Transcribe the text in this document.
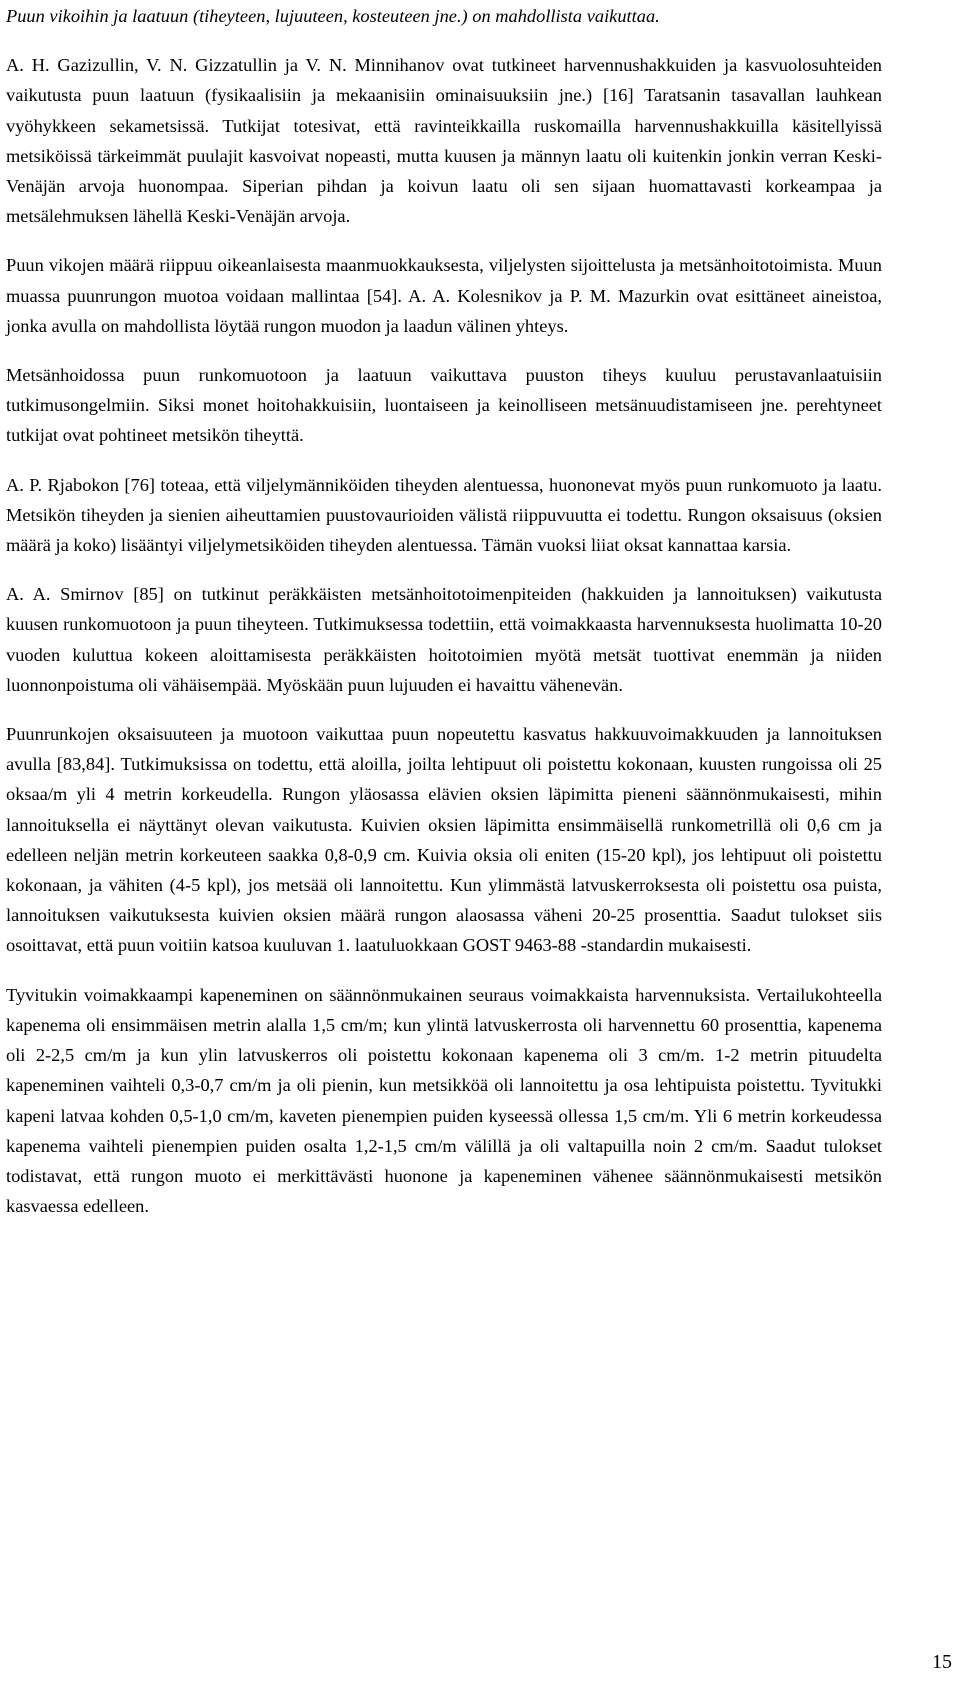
Puun vikoihin ja laatuun (tiheyteen, lujuuteen, kosteuteen jne.) on mahdollista vaikuttaa.

A. H. Gazizullin, V. N. Gizzatullin ja V. N. Minnihanov ovat tutkineet harvennushakkuiden ja kasvuolosuhteiden vaikutusta puun laatuun (fysikaalisiin ja mekaanisiin ominaisuuksiin jne.) [16] Taratsanin tasavallan lauhkean vyöhykkeen sekametsissä. Tutkijat totesivat, että ravinteikkailla ruskomailla harvennushakkuilla käsitellyissä metsiköissä tärkeimmät puulajit kasvoivat nopeasti, mutta kuusen ja männyn laatu oli kuitenkin jonkin verran Keski-Venäjän arvoja huonompaa. Siperian pihdan ja koivun laatu oli sen sijaan huomattavasti korkeampaa ja metsälehmuksen lähellä Keski-Venäjän arvoja.

Puun vikojen määrä riippuu oikeanlaisesta maanmuokkauksesta, viljelysten sijoittelusta ja metsänhoitotoimista. Muun muassa puunrungon muotoa voidaan mallintaa [54]. A. A. Kolesnikov ja P. M. Mazurkin ovat esittäneet aineistoa, jonka avulla on mahdollista löytää rungon muodon ja laadun välinen yhteys.

Metsänhoidossa puun runkomuotoon ja laatuun vaikuttava puuston tiheys kuuluu perustavanlaatuisiin tutkimusongelmiin. Siksi monet hoitohakkuisiin, luontaiseen ja keinolliseen metsänuudistamiseen jne. perehtyneet tutkijat ovat pohtineet metsikön tiheyttä.

A. P. Rjabokon [76] toteaa, että viljelymänniköiden tiheyden alentuessa, huononevat myös puun runkomuoto ja laatu. Metsikön tiheyden ja sienien aiheuttamien puustovaurioiden välistä riippuvuutta ei todettu. Rungon oksaisuus (oksien määrä ja koko) lisääntyi viljelymetsiköiden tiheyden alentuessa. Tämän vuoksi liiat oksat kannattaa karsia.

A. A. Smirnov [85] on tutkinut peräkkäisten metsänhoitotoimenpiteiden (hakkuiden ja lannoituksen) vaikutusta kuusen runkomuotoon ja puun tiheyteen. Tutkimuksessa todettiin, että voimakkaasta harvennuksesta huolimatta 10-20 vuoden kuluttua kokeen aloittamisesta peräkkäisten hoitotoimien myötä metsät tuottivat enemmän ja niiden luonnonpoistuma oli vähäisempää. Myöskään puun lujuuden ei havaittu vähenevän.

Puunrunkojen oksaisuuteen ja muotoon vaikuttaa puun nopeutettu kasvatus hakkuuvoimakkuuden ja lannoituksen avulla [83,84]. Tutkimuksissa on todettu, että aloilla, joilta lehtipuut oli poistettu kokonaan, kuusten rungoissa oli 25 oksaa/m yli 4 metrin korkeudella. Rungon yläosassa elävien oksien läpimitta pieneni säännönmukaisesti, mihin lannoituksella ei näyttänyt olevan vaikutusta. Kuivien oksien läpimitta ensimmäisellä runkometrillä oli 0,6 cm ja edelleen neljän metrin korkeuteen saakka 0,8-0,9 cm. Kuivia oksia oli eniten (15-20 kpl), jos lehtipuut oli poistettu kokonaan, ja vähiten (4-5 kpl), jos metsää oli lannoitettu. Kun ylimmästä latvuskerroksesta oli poistettu osa puista, lannoituksen vaikutuksesta kuivien oksien määrä rungon alaosassa väheni 20-25 prosenttia. Saadut tulokset siis osoittavat, että puun voitiin katsoa kuuluvan 1. laatuluokkaan GOST 9463-88 -standardin mukaisesti.

Tyvitukin voimakkaampi kapeneminen on säännönmukainen seuraus voimakkaista harvennuksista. Vertailukohteella kapenema oli ensimmäisen metrin alalla 1,5 cm/m; kun ylintä latvuskerrosta oli harvennettu 60 prosenttia, kapenema oli 2-2,5 cm/m ja kun ylin latvuskerros oli poistettu kokonaan kapenema oli 3 cm/m. 1-2 metrin pituudelta kapeneminen vaihteli 0,3-0,7 cm/m ja oli pienin, kun metsikköä oli lannoitettu ja osa lehtipuista poistettu. Tyvitukki kapeni latvaa kohden 0,5-1,0 cm/m, kaveten pienempien puiden kyseessä ollessa 1,5 cm/m. Yli 6 metrin korkeudessa kapenema vaihteli pienempien puiden osalta 1,2-1,5 cm/m välillä ja oli valtapuilla noin 2 cm/m. Saadut tulokset todistavat, että rungon muoto ei merkittävästi huonone ja kapeneminen vähenee säännönmukaisesti metsikön kasvaessa edelleen.

15
